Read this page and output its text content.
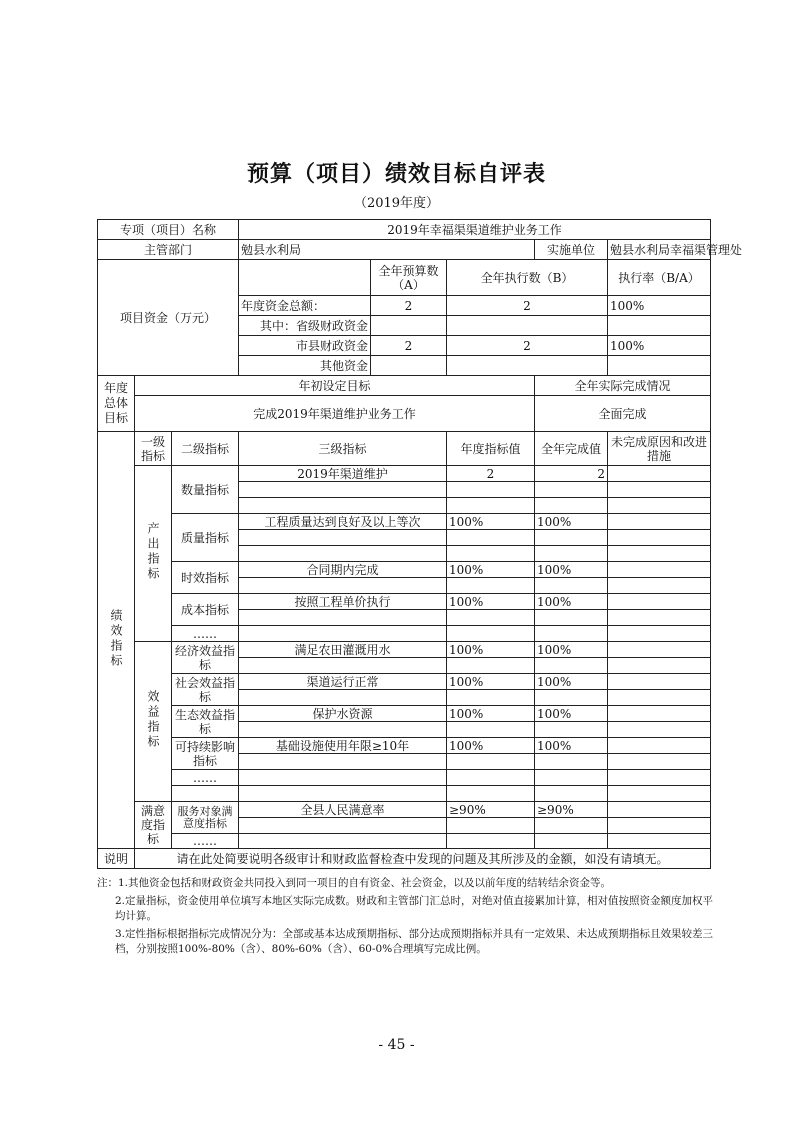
预算（项目）绩效目标自评表
（2019年度）
专项（项目）名称			2019年幸福渠渠道维护业务工作				
主管部门			勉县水利局			实施单位	勉县水利局幸福渠管理处
项目资金（万元）				全年预算数（A）	全年执行数（B）		执行率（B/A）
			年度资金总额：	2	2		100%
			其中：省级财政资金				
			市县财政资金	2	2		100%
			其他资金				
年度总体目标	年初设定目标					全年实际完成情况	
	完成2019年渠道维护业务工作					全面完成	
绩效指标	一级指标	二级指标	三级指标		年度指标值	全年完成值	未完成原因和改进措施
	产出指标	数量指标	2019年渠道维护		2	2	

		质量指标	工程质量达到良好及以上等次		100%	100%	

		时效指标	合同期内完成		100%	100%	

		成本指标	按照工程单价执行		100%	100%	

		……					
	效益指标	经济效益指标	满足农田灌溉用水		100%	100%	

		社会效益指标	渠道运行正常		100%	100%	

		生态效益指标	保护水资源		100%	100%	

		可持续影响指标	基础设施使用年限≥10年		100%	100%	

		……					

	满意度指标	服务对象满意度指标	全县人民满意率		≥90%	≥90%	

		……					
说明	请在此处简要说明各级审计和财政监督检查中发现的问题及其所涉及的金额，如没有请填无。						

注：1.其他资金包括和财政资金共同投入到同一项目的自有资金、社会资金，以及以前年度的结转结余资金等。

2.定量指标，资金使用单位填写本地区实际完成数。财政和主管部门汇总时，对绝对值直接累加计算，相对值按照资金额度加权平均计算。

3.定性指标根据指标完成情况分为：全部或基本达成预期指标、部分达成预期指标并具有一定效果、未达成预期指标且效果较差三档，分别按照100%-80%（含）、80%-60%（含）、60-0%合理填写完成比例。

- 45 -
